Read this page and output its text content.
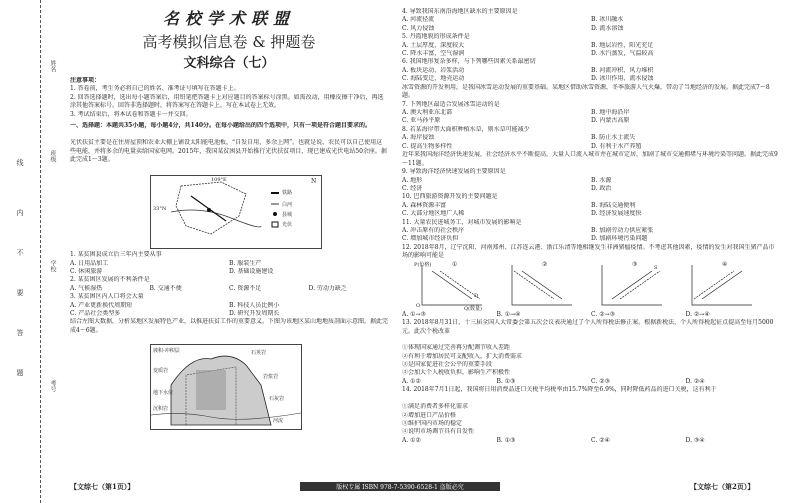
线
内
不
要
答
题
姓名
班级
学校
考号
名校学术联盟
高考模拟信息卷 & 押题卷
文科综合（七）
注意事项：
1. 答卷前，考生务必将自己的姓名、准考证号填写在答题卡上。
2. 回答选择题时，选出每小题答案后，用铅笔把答题卡上对应题目的答案标号涂黑。如需改动，用橡皮擦干净后，再选涂其他答案标号。回答非选择题时，将答案写在答题卡上，写在本试卷上无效。
3. 考试结束后，将本试卷和答题卡一并交回。
一、选择题：本题共35小题，每小题4分，共140分。在每小题给出的四个选项中，只有一项是符合题目要求的。
光伏扶贫主要是在住房屋顶和农业大棚上铺设太阳能电池板，“自发自用、多余上网”。也就是说，农民可以自己使用这些电能，并将多余的电量卖给国家电网。2015年，我国某贫困县开始推行光伏扶贫项目，现已建成光伏电站50余座。据此完成1～3题。
铁路
白河
县城
光伏
109°E
33°N
N
1. 某贫困县成立后三年内主要从事
A. 日用品加工	B. 服装生产
C. 休闲旅游	D. 基础设施建设
2. 某贫困区发展的不利条件是
A. 气候湿热	B. 交通不便	C. 资源不足	D. 劳动力缺乏
3. 某贫困区内人口将会大量
A. 产业更新换代周期短	B. 科技人员比例小
C. 产品社会类型多	D. 研究开发周期长
结合左图大数据，分析某地区发展特色产业，以推进扶贫工作的重要意义。下图为该地区某山地地质剖面示意图。据此完成4～6题。
坡积-冲积层	石英岩
变质岩
岩浆岩
地下水位
石灰岩
沉积岩
河流
4. 导致我国东南沿海地区缺水的主要原因是
A. 河流径流	B. 冰川融水
C. 风力侵蚀	D. 流水溶蚀
5. 丹霞地貌的形成条件是
A. 土层厚度，深度较大	B. 地层岩性，阳光充足
C. 降水丰富，空气湿润	D. 水汽蒸发，气温较高
6. 我国地形复杂多样，与下列哪些因素关系最密切
A. 板块运动、岩浆活动	B. 河流冲积、风力堆积
C. 海陆变迁、地壳运动	D. 冰川作用、流水侵蚀
冰雪资源的开发利用，是我国冰雪运动发展的重要基础。某地区借助冰雪资源，冬季旅游人气火爆，带动了当地经济的发展。据此完成7～8题。
7. 下列地区最适合发展冰雪运动的是
A. 澳大利亚东北部	B. 地中海沿岸
C. 亚马孙平原	D. 内蒙古高原
8. 若某海岸带大面积种植水草，则水草可能减少
A. 海岸侵蚀	B. 防止水土流失
C. 提高生物多样性	D. 有利于水产养殖
近年来我国海洋经济快速发展，社会经济水平不断提高，大量人口流入城市并在城市定居，加剧了城市交通拥堵与环境污染等问题。据此完成9～11题。
9. 导致海洋经济快速发展的主要原因是
A. 地形	B. 水源
C. 经济	D. 政治
10. 巴西旅游资源开发的主要问题是
A. 森林资源丰富	B. 海陆交通便利
C. 大部分地区地广人稀	D. 经济发展速度快
11. 大量农民进城务工，对城市发展的影响是
A. 冲击原有的社会秩序	B. 加剧劳动力供应紧张
C. 增加城市经济负担	D. 加剧环境污染问题
12. 2018年8月，辽宁沈阳、河南郑州、江苏连云港、浙江乐清等地相继发生非洲猪瘟疫情。不考虑其他因素，疫情的发生对我国生猪产品市场的影响可能是
P(价格)
Q(数量)
O
D
S
①	②	③	④
A. ①→③	B. ①→④	C. ②→③	D. ②→④
13. 2018年8月31日，十三届全国人大常委会第五次会议表决通过了个人所得税法修正案。根据新税法，个人所得税起征点提高至每月5000元。此次个税改革
①体现国家通过完善再分配调节收入差距
②有利于增加居民可支配收入，扩大消费需求
③是国家促进社会公平的重要手段
④会加大个人税收负担，影响生产积极性
A. ①②	B. ①③	C. ②③	D. ②④
14. 2018年7月1日起，我国将日用消费品进口关税平均税率由15.7%降至6.9%，同时降低药品的进口关税，这有利于
①满足消费者多样化需求
②增加进口产品价格
③维护国内市场的稳定
④说明市场调节具有自发性
A. ①②	B. ①③	C. ②④	D. ③④
【文综七（第1页）】	版权专属 ISBN 978-7-5390-6528-1 盗版必究	【文综七（第2页）】
